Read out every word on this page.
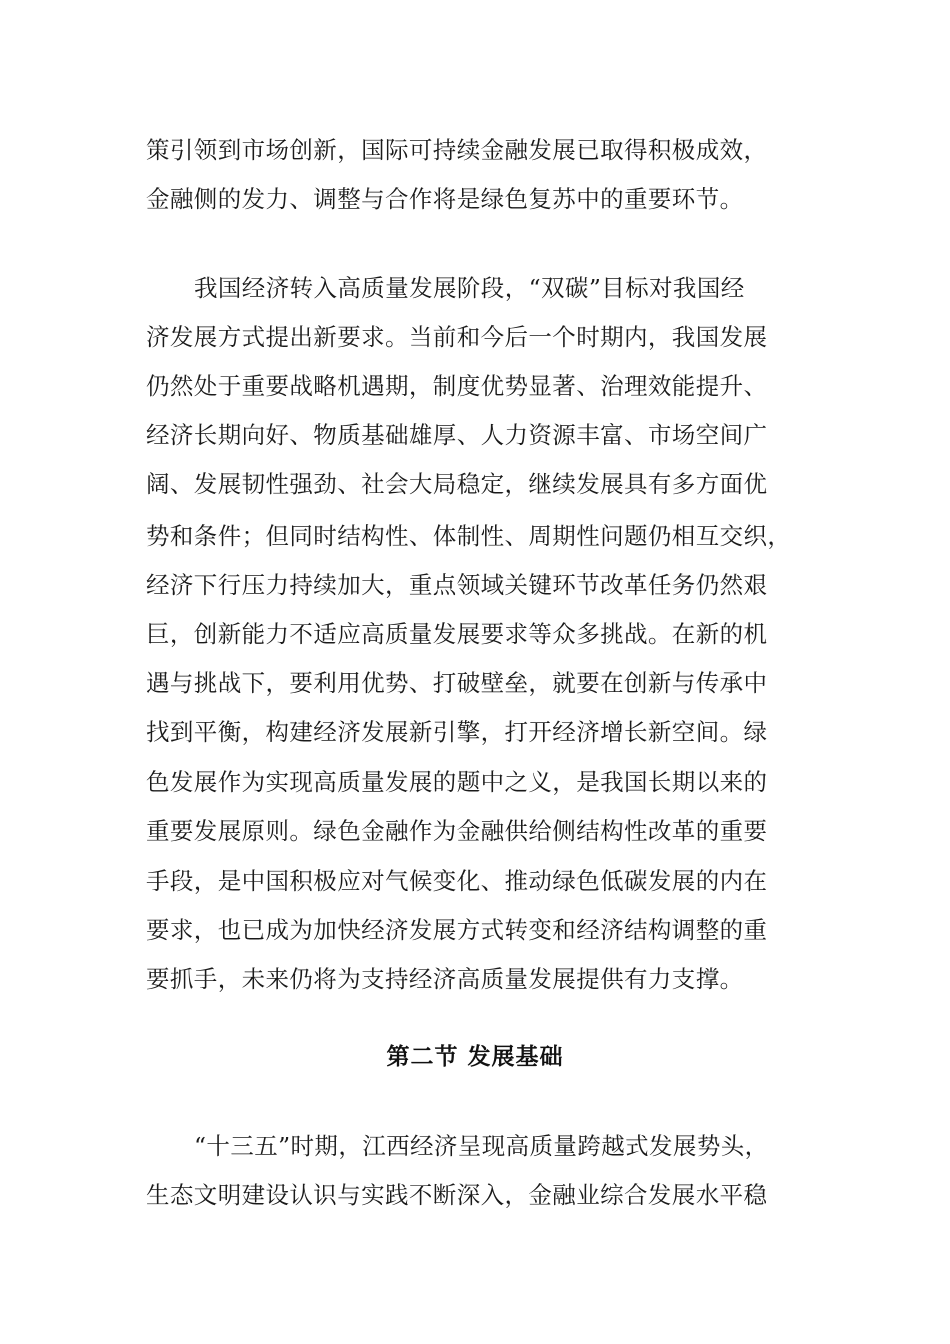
策引领到市场创新，国际可持续金融发展已取得积极成效，
金融侧的发力、调整与合作将是绿色复苏中的重要环节。
我国经济转入高质量发展阶段，“双碳”目标对我国经
济发展方式提出新要求。当前和今后一个时期内，我国发展
仍然处于重要战略机遇期，制度优势显著、治理效能提升、
经济长期向好、物质基础雄厚、人力资源丰富、市场空间广
阔、发展韧性强劲、社会大局稳定，继续发展具有多方面优
势和条件；但同时结构性、体制性、周期性问题仍相互交织，
经济下行压力持续加大，重点领域关键环节改革任务仍然艰
巨，创新能力不适应高质量发展要求等众多挑战。在新的机
遇与挑战下，要利用优势、打破壁垒，就要在创新与传承中
找到平衡，构建经济发展新引擎，打开经济增长新空间。绿
色发展作为实现高质量发展的题中之义，是我国长期以来的
重要发展原则。绿色金融作为金融供给侧结构性改革的重要
手段，是中国积极应对气候变化、推动绿色低碳发展的内在
要求，也已成为加快经济发展方式转变和经济结构调整的重
要抓手，未来仍将为支持经济高质量发展提供有力支撑。
第二节 发展基础
“十三五”时期，江西经济呈现高质量跨越式发展势头，
生态文明建设认识与实践不断深入，金融业综合发展水平稳
